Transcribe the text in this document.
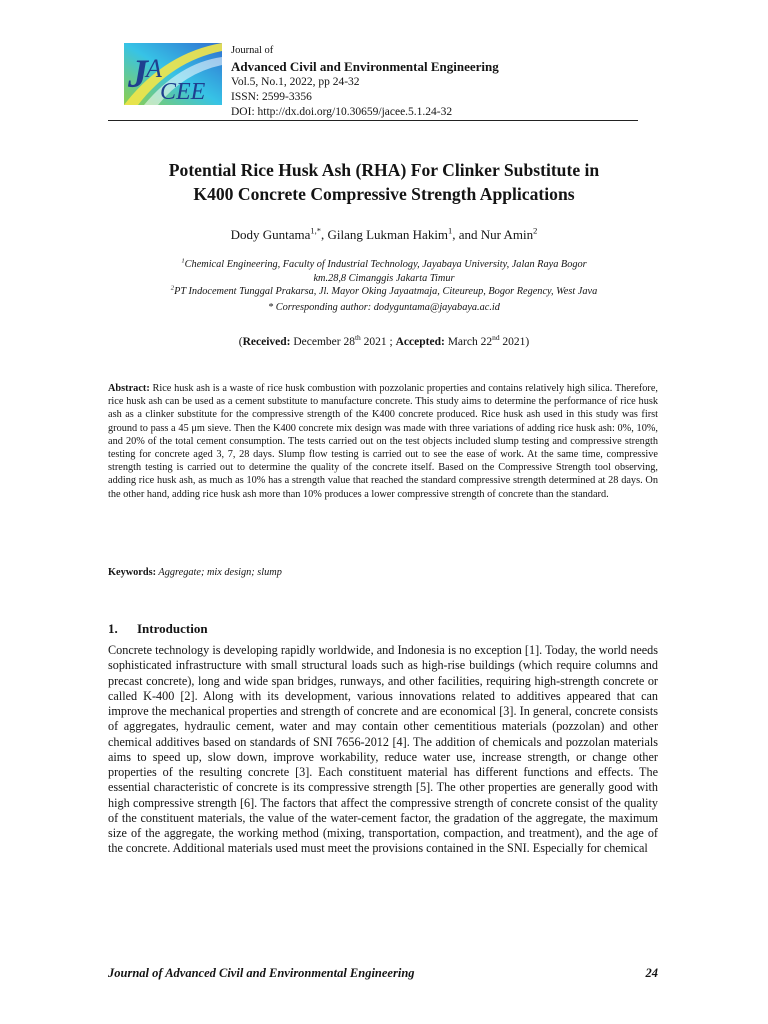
J
A
CEE
Journal of
Advanced Civil and Environmental Engineering
Vol.5, No.1, 2022, pp 24-32
ISSN: 2599-3356
DOI: http://dx.doi.org/10.30659/jacee.5.1.24-32
Potential Rice Husk Ash (RHA) For Clinker Substitute in
K400 Concrete Compressive Strength Applications
Dody Guntama$^{1,*}$, Gilang Lukman Hakim$^1$, and Nur Amin$^2$
$^1$Chemical Engineering, Faculty of Industrial Technology, Jayabaya University, Jalan Raya Bogor
km.28,8 Cimanggis Jakarta Timur
$^2$PT Indocement Tunggal Prakarsa, Jl. Mayor Oking Jayaatmaja, Citeureup, Bogor Regency, West Java
* Corresponding author: dodyguntama@jayabaya.ac.id
(Received: December 28th 2021 ; Accepted: March 22nd 2021)
Abstract: Rice husk ash is a waste of rice husk combustion with pozzolanic properties and contains relatively high silica. Therefore, rice husk ash can be used as a cement substitute to manufacture concrete. This study aims to determine the performance of rice husk ash as a clinker substitute for the compressive strength of the K400 concrete produced. Rice husk ash used in this study was first ground to pass a 45 μm sieve. Then the K400 concrete mix design was made with three variations of adding rice husk ash: 0%, 10%, and 20% of the total cement consumption. The tests carried out on the test objects included slump testing and compressive strength testing for concrete aged 3, 7, 28 days. Slump flow testing is carried out to see the ease of work. At the same time, compressive strength testing is carried out to determine the quality of the concrete itself. Based on the Compressive Strength tool observing, adding rice husk ash, as much as 10% has a strength value that reached the standard compressive strength determined at 28 days. On the other hand, adding rice husk ash more than 10% produces a lower compressive strength of concrete than the standard.
Keywords: Aggregate; mix design; slump
1. Introduction
Concrete technology is developing rapidly worldwide, and Indonesia is no exception [1]. Today, the world needs sophisticated infrastructure with small structural loads such as high-rise buildings (which require columns and precast concrete), long and wide span bridges, runways, and other facilities, requiring high-strength concrete or called K-400 [2]. Along with its development, various innovations related to additives appeared that can improve the mechanical properties and strength of concrete and are economical [3]. In general, concrete consists of aggregates, hydraulic cement, water and may contain other cementitious materials (pozzolan) and other chemical additives based on standards of SNI 7656-2012 [4]. The addition of chemicals and pozzolan materials aims to speed up, slow down, improve workability, reduce water use, increase strength, or change other properties of the resulting concrete [3]. Each constituent material has different functions and effects. The essential characteristic of concrete is its compressive strength [5]. The other properties are generally good with high compressive strength [6]. The factors that affect the compressive strength of concrete consist of the quality of the constituent materials, the value of the water-cement factor, the gradation of the aggregate, the maximum size of the aggregate, the working method (mixing, transportation, compaction, and treatment), and the age of the concrete. Additional materials used must meet the provisions contained in the SNI. Especially for chemical
Journal of Advanced Civil and Environmental Engineering	24
